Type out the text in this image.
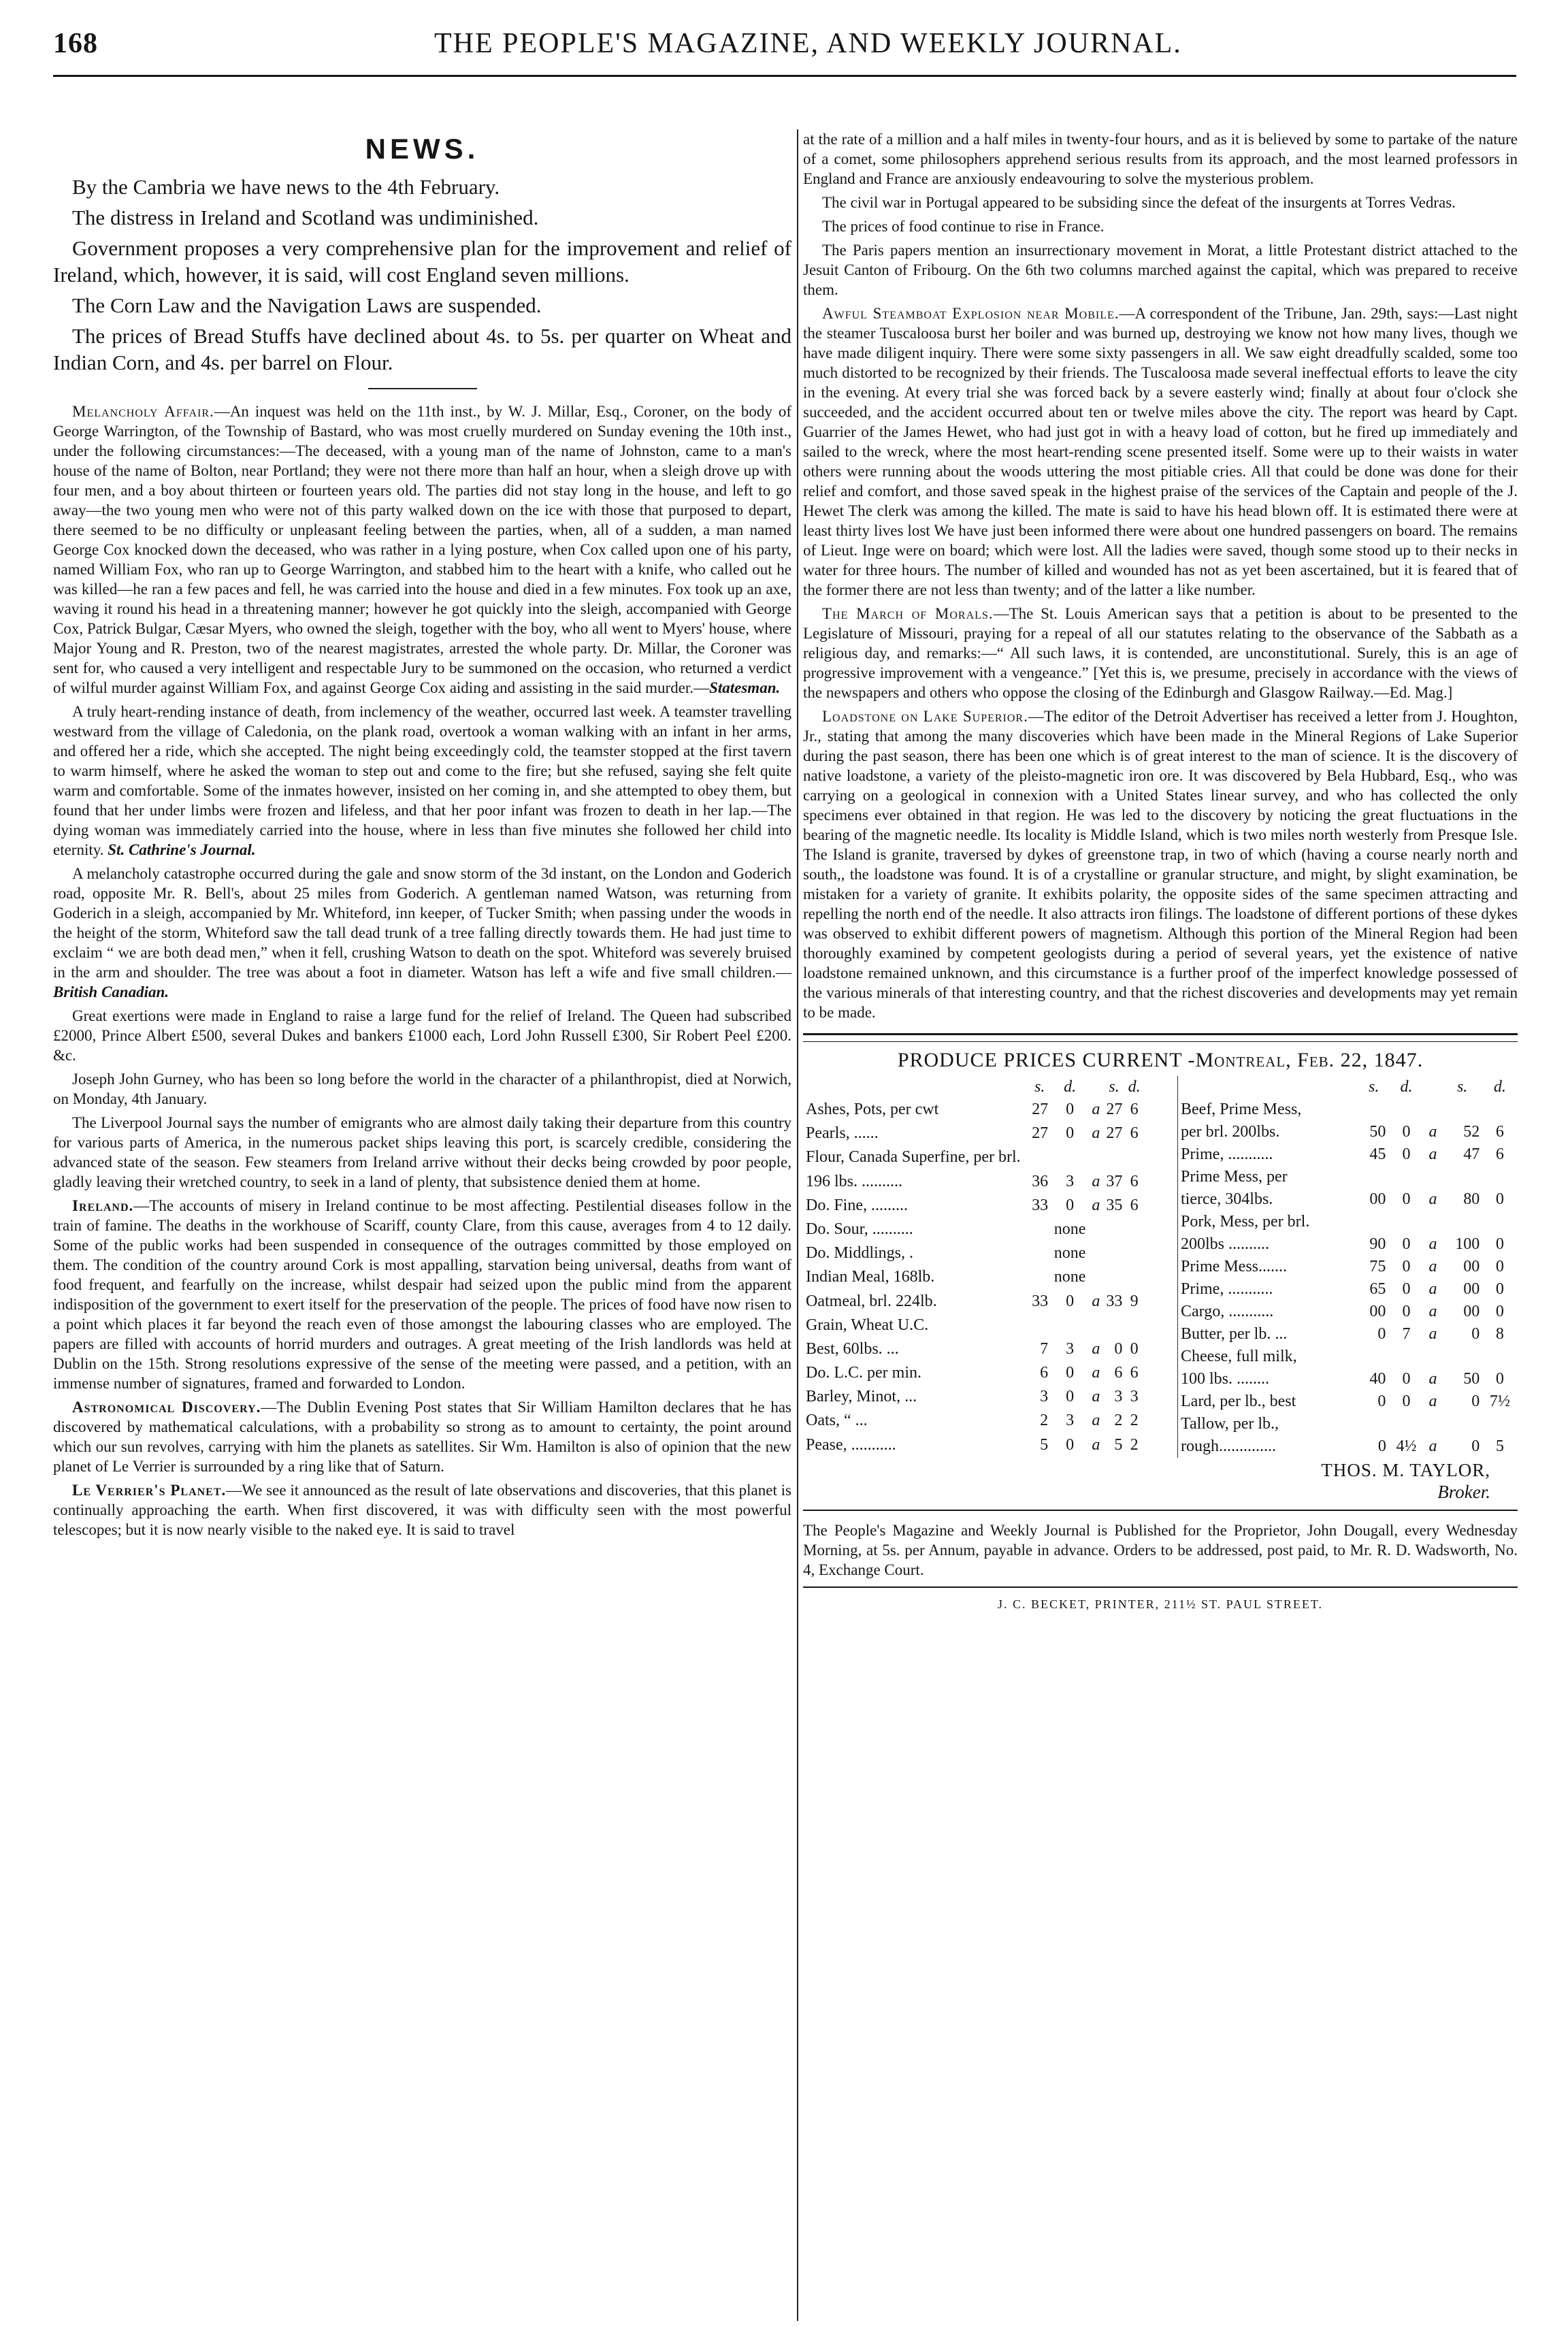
168	THE PEOPLE'S MAGAZINE, AND WEEKLY JOURNAL.
NEWS.

By the Cambria we have news to the 4th February.

The distress in Ireland and Scotland was undiminished.

Government proposes a very comprehensive plan for the improvement and relief of Ireland, which, however, it is said, will cost England seven millions.

The Corn Law and the Navigation Laws are suspended.

The prices of Bread Stuffs have declined about 4s. to 5s. per quarter on Wheat and Indian Corn, and 4s. per barrel on Flour.

Melancholy Affair.—An inquest was held on the 11th inst., by W. J. Millar, Esq., Coroner, on the body of George Warrington, of the Township of Bastard, who was most cruelly murdered on Sunday evening the 10th inst., under the following circumstances:—The deceased, with a young man of the name of Johnston, came to a man's house of the name of Bolton, near Portland; they were not there more than half an hour, when a sleigh drove up with four men, and a boy about thirteen or fourteen years old. The parties did not stay long in the house, and left to go away—the two young men who were not of this party walked down on the ice with those that purposed to depart, there seemed to be no difficulty or unpleasant feeling between the parties, when, all of a sudden, a man named George Cox knocked down the deceased, who was rather in a lying posture, when Cox called upon one of his party, named William Fox, who ran up to George Warrington, and stabbed him to the heart with a knife, who called out he was killed—he ran a few paces and fell, he was carried into the house and died in a few minutes. Fox took up an axe, waving it round his head in a threatening manner; however he got quickly into the sleigh, accompanied with George Cox, Patrick Bulgar, Cæsar Myers, who owned the sleigh, together with the boy, who all went to Myers' house, where Major Young and R. Preston, two of the nearest magistrates, arrested the whole party. Dr. Millar, the Coroner was sent for, who caused a very intelligent and respectable Jury to be summoned on the occasion, who returned a verdict of wilful murder against William Fox, and against George Cox aiding and assisting in the said murder.—Statesman.

A truly heart-rending instance of death, from inclemency of the weather, occurred last week. A teamster travelling westward from the village of Caledonia, on the plank road, overtook a woman walking with an infant in her arms, and offered her a ride, which she accepted. The night being exceedingly cold, the teamster stopped at the first tavern to warm himself, where he asked the woman to step out and come to the fire; but she refused, saying she felt quite warm and comfortable. Some of the inmates however, insisted on her coming in, and she attempted to obey them, but found that her under limbs were frozen and lifeless, and that her poor infant was frozen to death in her lap.—The dying woman was immediately carried into the house, where in less than five minutes she followed her child into eternity. St. Cathrine's Journal.

A melancholy catastrophe occurred during the gale and snow storm of the 3d instant, on the London and Goderich road, opposite Mr. R. Bell's, about 25 miles from Goderich. A gentleman named Watson, was returning from Goderich in a sleigh, accompanied by Mr. Whiteford, inn keeper, of Tucker Smith; when passing under the woods in the height of the storm, Whiteford saw the tall dead trunk of a tree falling directly towards them. He had just time to exclaim “ we are both dead men,” when it fell, crushing Watson to death on the spot. Whiteford was severely bruised in the arm and shoulder. The tree was about a foot in diameter. Watson has left a wife and five small children.—British Canadian.

Great exertions were made in England to raise a large fund for the relief of Ireland. The Queen had subscribed £2000, Prince Albert £500, several Dukes and bankers £1000 each, Lord John Russell £300, Sir Robert Peel £200. &c.

Joseph John Gurney, who has been so long before the world in the character of a philanthropist, died at Norwich, on Monday, 4th January.

The Liverpool Journal says the number of emigrants who are almost daily taking their departure from this country for various parts of America, in the numerous packet ships leaving this port, is scarcely credible, considering the advanced state of the season. Few steamers from Ireland arrive without their decks being crowded by poor people, gladly leaving their wretched country, to seek in a land of plenty, that subsistence denied them at home.

Ireland.—The accounts of misery in Ireland continue to be most affecting. Pestilential diseases follow in the train of famine. The deaths in the workhouse of Scariff, county Clare, from this cause, averages from 4 to 12 daily. Some of the public works had been suspended in consequence of the outrages committed by those employed on them. The condition of the country around Cork is most appalling, starvation being universal, deaths from want of food frequent, and fearfully on the increase, whilst despair had seized upon the public mind from the apparent indisposition of the government to exert itself for the preservation of the people. The prices of food have now risen to a point which places it far beyond the reach even of those amongst the labouring classes who are employed. The papers are filled with accounts of horrid murders and outrages. A great meeting of the Irish landlords was held at Dublin on the 15th. Strong resolutions expressive of the sense of the meeting were passed, and a petition, with an immense number of signatures, framed and forwarded to London.

Astronomical Discovery.—The Dublin Evening Post states that Sir William Hamilton declares that he has discovered by mathematical calculations, with a probability so strong as to amount to certainty, the point around which our sun revolves, carrying with him the planets as satellites. Sir Wm. Hamilton is also of opinion that the new planet of Le Verrier is surrounded by a ring like that of Saturn.

Le Verrier's Planet.—We see it announced as the result of late observations and discoveries, that this planet is continually approaching the earth. When first discovered, it was with difficulty seen with the most powerful telescopes; but it is now nearly visible to the naked eye. It is said to travel

at the rate of a million and a half miles in twenty-four hours, and as it is believed by some to partake of the nature of a comet, some philosophers apprehend serious results from its approach, and the most learned professors in England and France are anxiously endeavouring to solve the mysterious problem.

The civil war in Portugal appeared to be subsiding since the defeat of the insurgents at Torres Vedras.

The prices of food continue to rise in France.

The Paris papers mention an insurrectionary movement in Morat, a little Protestant district attached to the Jesuit Canton of Fribourg. On the 6th two columns marched against the capital, which was prepared to receive them.

Awful Steamboat Explosion near Mobile.—A correspondent of the Tribune, Jan. 29th, says:—Last night the steamer Tuscaloosa burst her boiler and was burned up, destroying we know not how many lives, though we have made diligent inquiry. There were some sixty passengers in all. We saw eight dreadfully scalded, some too much distorted to be recognized by their friends. The Tuscaloosa made several ineffectual efforts to leave the city in the evening. At every trial she was forced back by a severe easterly wind; finally at about four o'clock she succeeded, and the accident occurred about ten or twelve miles above the city. The report was heard by Capt. Guarrier of the James Hewet, who had just got in with a heavy load of cotton, but he fired up immediately and sailed to the wreck, where the most heart-rending scene presented itself. Some were up to their waists in water others were running about the woods uttering the most pitiable cries. All that could be done was done for their relief and comfort, and those saved speak in the highest praise of the services of the Captain and people of the J. Hewet The clerk was among the killed. The mate is said to have his head blown off. It is estimated there were at least thirty lives lost We have just been informed there were about one hundred passengers on board. The remains of Lieut. Inge were on board; which were lost. All the ladies were saved, though some stood up to their necks in water for three hours. The number of killed and wounded has not as yet been ascertained, but it is feared that of the former there are not less than twenty; and of the latter a like number.

The March of Morals.—The St. Louis American says that a petition is about to be presented to the Legislature of Missouri, praying for a repeal of all our statutes relating to the observance of the Sabbath as a religious day, and remarks:—“ All such laws, it is contended, are unconstitutional. Surely, this is an age of progressive improvement with a vengeance.” [Yet this is, we presume, precisely in accordance with the views of the newspapers and others who oppose the closing of the Edinburgh and Glasgow Railway.—Ed. Mag.]

Loadstone on Lake Superior.—The editor of the Detroit Advertiser has received a letter from J. Houghton, Jr., stating that among the many discoveries which have been made in the Mineral Regions of Lake Superior during the past season, there has been one which is of great interest to the man of science. It is the discovery of native loadstone, a variety of the pleisto-magnetic iron ore. It was discovered by Bela Hubbard, Esq., who was carrying on a geological in connexion with a United States linear survey, and who has collected the only specimens ever obtained in that region. He was led to the discovery by noticing the great fluctuations in the bearing of the magnetic needle. Its locality is Middle Island, which is two miles north westerly from Presque Isle. The Island is granite, traversed by dykes of greenstone trap, in two of which (having a course nearly north and south,, the loadstone was found. It is of a crystalline or granular structure, and might, by slight examination, be mistaken for a variety of granite. It exhibits polarity, the opposite sides of the same specimen attracting and repelling the north end of the needle. It also attracts iron filings. The loadstone of different portions of these dykes was observed to exhibit different powers of magnetism. Although this portion of the Mineral Region had been thoroughly examined by competent geologists during a period of several years, yet the existence of native loadstone remained unknown, and this circumstance is a further proof of the imperfect knowledge possessed of the various minerals of that interesting country, and that the richest discoveries and developments may yet remain to be made.

PRODUCE PRICES CURRENT -Montreal, Feb. 22, 1847.
	s.	d.		s.	d.
Ashes, Pots, per cwt	27	0	a	27	6
Pearls, ......	27	0	a	27	6
Flour, Canada Superfine, per brl.					
196 lbs. ..........	36	3	a	37	6
Do. Fine, .........	33	0	a	35	6
Do. Sour, ..........		none			
Do. Middlings, .		none			
Indian Meal, 168lb.		none			
Oatmeal, brl. 224lb.	33	0	a	33	9
Grain, Wheat U.C.					
Best, 60lbs. ...	7	3	a	0	0
Do. L.C. per min.	6	0	a	6	6
Barley, Minot, ...	3	0	a	3	3
Oats, “ ...	2	3	a	2	2
Pease, ...........	5	0	a	5	2
	s.	d.		s.	d.
Beef, Prime Mess,					
per brl. 200lbs.	50	0	a	52	6
Prime, ...........	45	0	a	47	6
Prime Mess, per					
tierce, 304lbs.	00	0	a	80	0
Pork, Mess, per brl.					
200lbs ..........	90	0	a	100	0
Prime Mess.......	75	0	a	00	0
Prime, ...........	65	0	a	00	0
Cargo, ...........	00	0	a	00	0
Butter, per lb. ...	0	7	a	0	8
Cheese, full milk,					
100 lbs. ........	40	0	a	50	0
Lard, per lb., best	0	0	a	0	7½
Tallow, per lb.,					
rough..............	0	4½	a	0	5
THOS. M. TAYLOR,
Broker.
The People's Magazine and Weekly Journal is Published for the Proprietor, John Dougall, every Wednesday Morning, at 5s. per Annum, payable in advance. Orders to be addressed, post paid, to Mr. R. D. Wadsworth, No. 4, Exchange Court.
J. C. BECKET, PRINTER, 211½ ST. PAUL STREET.
